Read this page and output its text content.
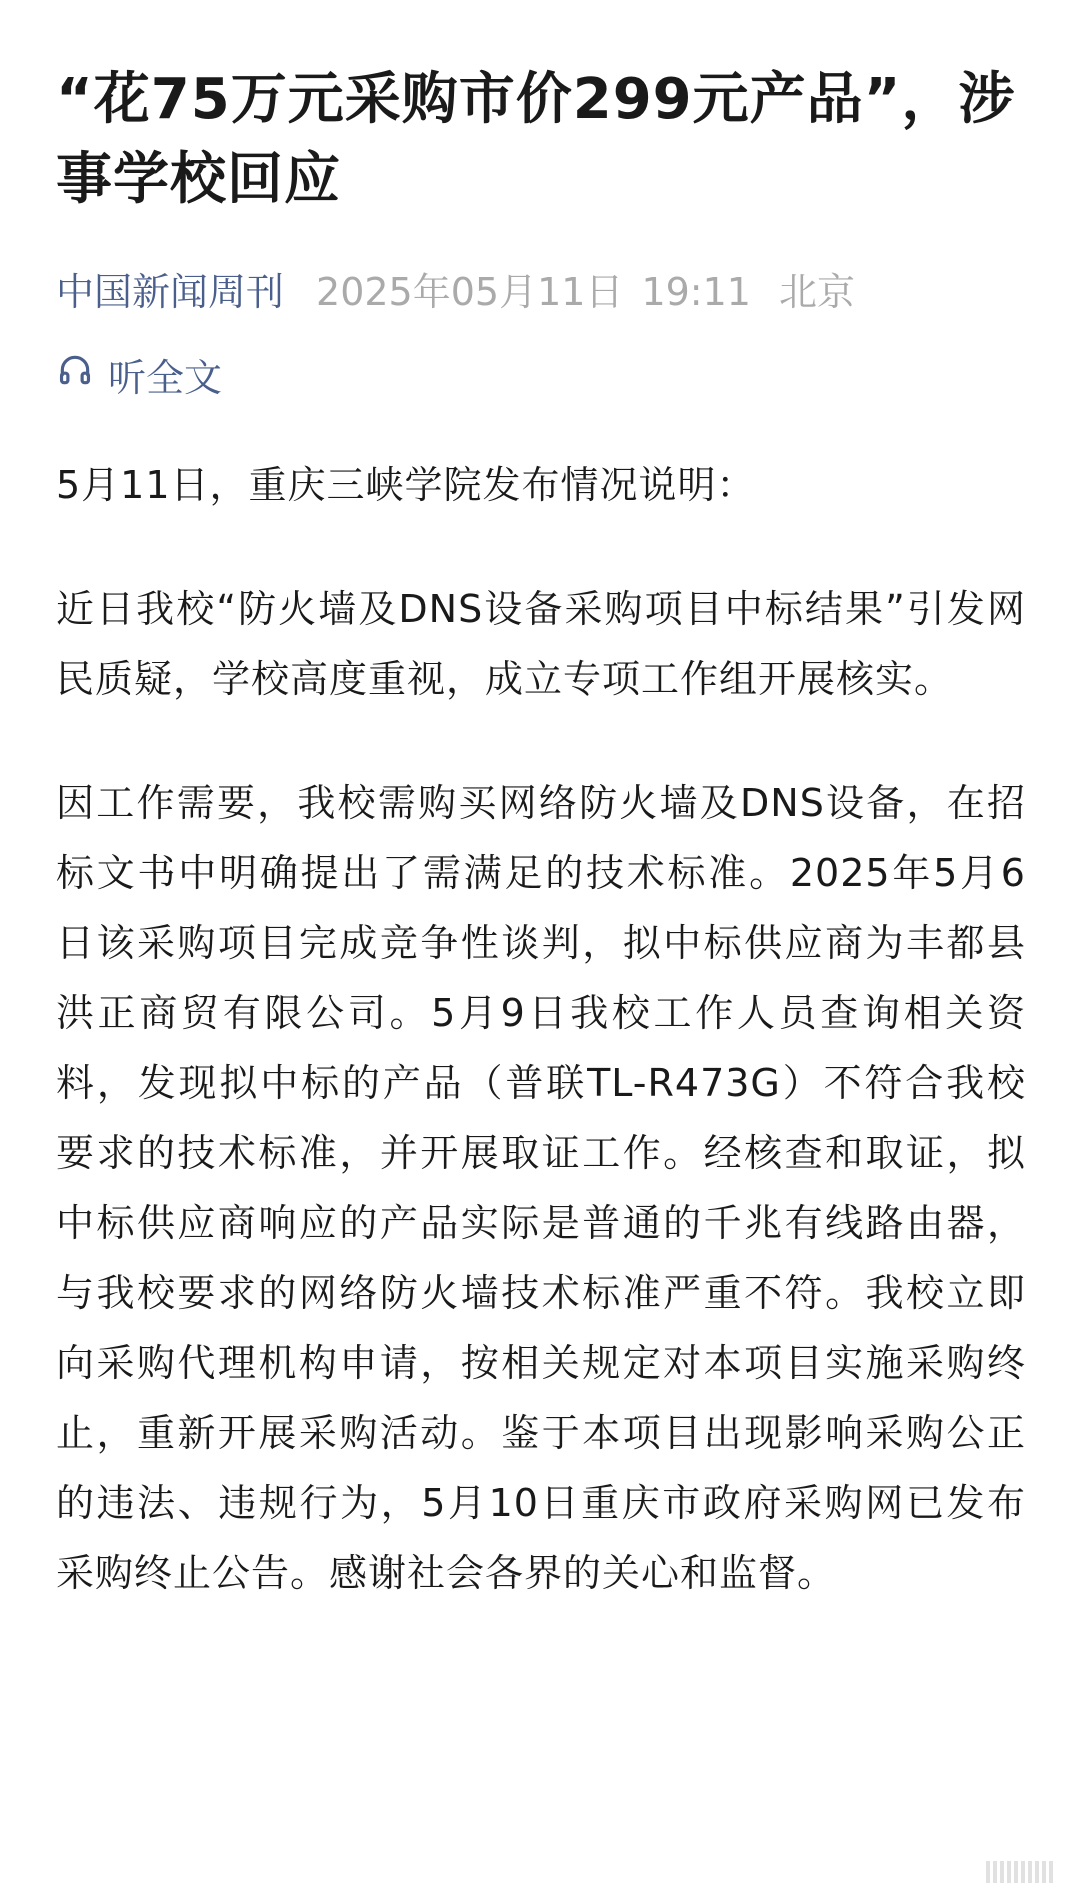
“花75万元采购市价299元产品”，涉事学校回应
中国新闻周刊 2025年05月11日 19:11 北京
听全文

5月11日，重庆三峡学院发布情况说明：

近日我校“防火墙及DNS设备采购项目中标结果”引发网民质疑，学校高度重视，成立专项工作组开展核实。

因工作需要，我校需购买网络防火墙及DNS设备，在招标文书中明确提出了需满足的技术标准。2025年5月6日该采购项目完成竞争性谈判，拟中标供应商为丰都县洪正商贸有限公司。5月9日我校工作人员查询相关资料，发现拟中标的产品（普联TL-R473G）不符合我校要求的技术标准，并开展取证工作。经核查和取证，拟中标供应商响应的产品实际是普通的千兆有线路由器，与我校要求的网络防火墙技术标准严重不符。我校立即向采购代理机构申请，按相关规定对本项目实施采购终止，重新开展采购活动。鉴于本项目出现影响采购公正的违法、违规行为，5月10日重庆市政府采购网已发布采购终止公告。感谢社会各界的关心和监督。
